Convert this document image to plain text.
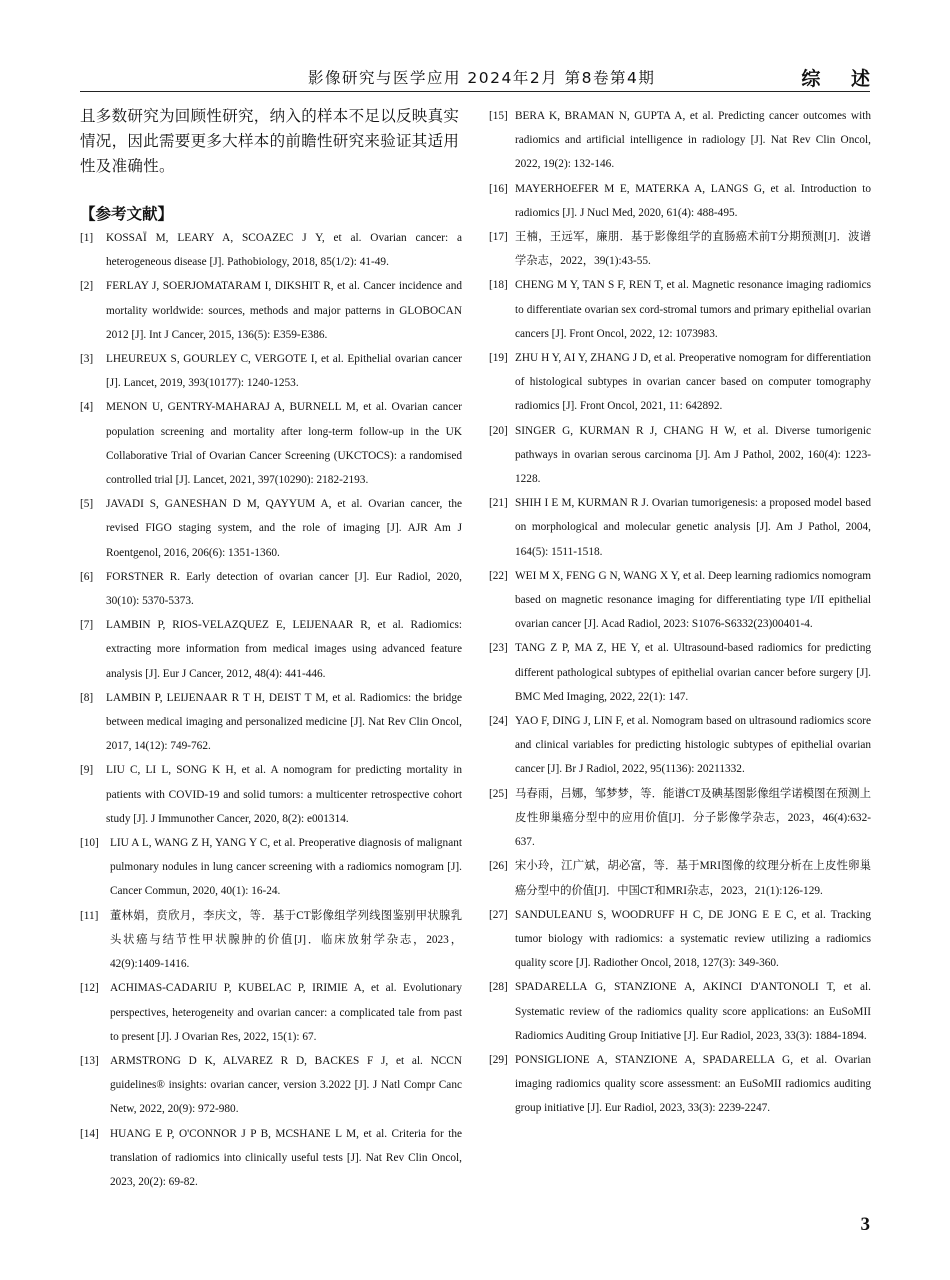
影像研究与医学应用 2024年2月 第8卷第4期	综 述

且多数研究为回顾性研究，纳入的样本不足以反映真实情况，因此需要更多大样本的前瞻性研究来验证其适用性及准确性。

【参考文献】
[1] KOSSAÏ M, LEARY A, SCOAZEC J Y, et al. Ovarian cancer: a heterogeneous disease [J]. Pathobiology, 2018, 85(1/2): 41-49.
[2] FERLAY J, SOERJOMATARAM I, DIKSHIT R, et al. Cancer incidence and mortality worldwide: sources, methods and major patterns in GLOBOCAN 2012 [J]. Int J Cancer, 2015, 136(5): E359-E386.
[3] LHEUREUX S, GOURLEY C, VERGOTE I, et al. Epithelial ovarian cancer [J]. Lancet, 2019, 393(10177): 1240-1253.
[4] MENON U, GENTRY-MAHARAJ A, BURNELL M, et al. Ovarian cancer population screening and mortality after long-term follow-up in the UK Collaborative Trial of Ovarian Cancer Screening (UKCTOCS): a randomised controlled trial [J]. Lancet, 2021, 397(10290): 2182-2193.
[5] JAVADI S, GANESHAN D M, QAYYUM A, et al. Ovarian cancer, the revised FIGO staging system, and the role of imaging [J]. AJR Am J Roentgenol, 2016, 206(6): 1351-1360.
[6] FORSTNER R. Early detection of ovarian cancer [J]. Eur Radiol, 2020, 30(10): 5370-5373.
[7] LAMBIN P, RIOS-VELAZQUEZ E, LEIJENAAR R, et al. Radiomics: extracting more information from medical images using advanced feature analysis [J]. Eur J Cancer, 2012, 48(4): 441-446.
[8] LAMBIN P, LEIJENAAR R T H, DEIST T M, et al. Radiomics: the bridge between medical imaging and personalized medicine [J]. Nat Rev Clin Oncol, 2017, 14(12): 749-762.
[9] LIU C, LI L, SONG K H, et al. A nomogram for predicting mortality in patients with COVID-19 and solid tumors: a multicenter retrospective cohort study [J]. J Immunother Cancer, 2020, 8(2): e001314.
[10] LIU A L, WANG Z H, YANG Y C, et al. Preoperative diagnosis of malignant pulmonary nodules in lung cancer screening with a radiomics nomogram [J]. Cancer Commun, 2020, 40(1): 16-24.
[11] 董林娟，贲欣月，李庆文，等．基于CT影像组学列线图鉴别甲状腺乳头状癌与结节性甲状腺肿的价值[J]．临床放射学杂志，2023，42(9):1409-1416.
[12] ACHIMAS-CADARIU P, KUBELAC P, IRIMIE A, et al. Evolutionary perspectives, heterogeneity and ovarian cancer: a complicated tale from past to present [J]. J Ovarian Res, 2022, 15(1): 67.
[13] ARMSTRONG D K, ALVAREZ R D, BACKES F J, et al. NCCN guidelines® insights: ovarian cancer, version 3.2022 [J]. J Natl Compr Canc Netw, 2022, 20(9): 972-980.
[14] HUANG E P, O'CONNOR J P B, MCSHANE L M, et al. Criteria for the translation of radiomics into clinically useful tests [J]. Nat Rev Clin Oncol, 2023, 20(2): 69-82.
[15] BERA K, BRAMAN N, GUPTA A, et al. Predicting cancer outcomes with radiomics and artificial intelligence in radiology [J]. Nat Rev Clin Oncol, 2022, 19(2): 132-146.
[16] MAYERHOEFER M E, MATERKA A, LANGS G, et al. Introduction to radiomics [J]. J Nucl Med, 2020, 61(4): 488-495.
[17] 王楠，王远军，廉朋．基于影像组学的直肠癌术前T分期预测[J]．波谱学杂志，2022，39(1):43-55.
[18] CHENG M Y, TAN S F, REN T, et al. Magnetic resonance imaging radiomics to differentiate ovarian sex cord-stromal tumors and primary epithelial ovarian cancers [J]. Front Oncol, 2022, 12: 1073983.
[19] ZHU H Y, AI Y, ZHANG J D, et al. Preoperative nomogram for differentiation of histological subtypes in ovarian cancer based on computer tomography radiomics [J]. Front Oncol, 2021, 11: 642892.
[20] SINGER G, KURMAN R J, CHANG H W, et al. Diverse tumorigenic pathways in ovarian serous carcinoma [J]. Am J Pathol, 2002, 160(4): 1223-1228.
[21] SHIH I E M, KURMAN R J. Ovarian tumorigenesis: a proposed model based on morphological and molecular genetic analysis [J]. Am J Pathol, 2004, 164(5): 1511-1518.
[22] WEI M X, FENG G N, WANG X Y, et al. Deep learning radiomics nomogram based on magnetic resonance imaging for differentiating type I/II epithelial ovarian cancer [J]. Acad Radiol, 2023: S1076-S6332(23)00401-4.
[23] TANG Z P, MA Z, HE Y, et al. Ultrasound-based radiomics for predicting different pathological subtypes of epithelial ovarian cancer before surgery [J]. BMC Med Imaging, 2022, 22(1): 147.
[24] YAO F, DING J, LIN F, et al. Nomogram based on ultrasound radiomics score and clinical variables for predicting histologic subtypes of epithelial ovarian cancer [J]. Br J Radiol, 2022, 95(1136): 20211332.
[25] 马春雨，吕娜，邹梦梦，等．能谱CT及碘基图影像组学诺模图在预测上皮性卵巢癌分型中的应用价值[J]．分子影像学杂志，2023，46(4):632-637.
[26] 宋小玲，江广斌，胡必富，等．基于MRI图像的纹理分析在上皮性卵巢癌分型中的价值[J]．中国CT和MRI杂志，2023，21(1):126-129.
[27] SANDULEANU S, WOODRUFF H C, DE JONG E E C, et al. Tracking tumor biology with radiomics: a systematic review utilizing a radiomics quality score [J]. Radiother Oncol, 2018, 127(3): 349-360.
[28] SPADARELLA G, STANZIONE A, AKINCI D'ANTONOLI T, et al. Systematic review of the radiomics quality score applications: an EuSoMII Radiomics Auditing Group Initiative [J]. Eur Radiol, 2023, 33(3): 1884-1894.
[29] PONSIGLIONE A, STANZIONE A, SPADARELLA G, et al. Ovarian imaging radiomics quality score assessment: an EuSoMII radiomics auditing group initiative [J]. Eur Radiol, 2023, 33(3): 2239-2247.
3
